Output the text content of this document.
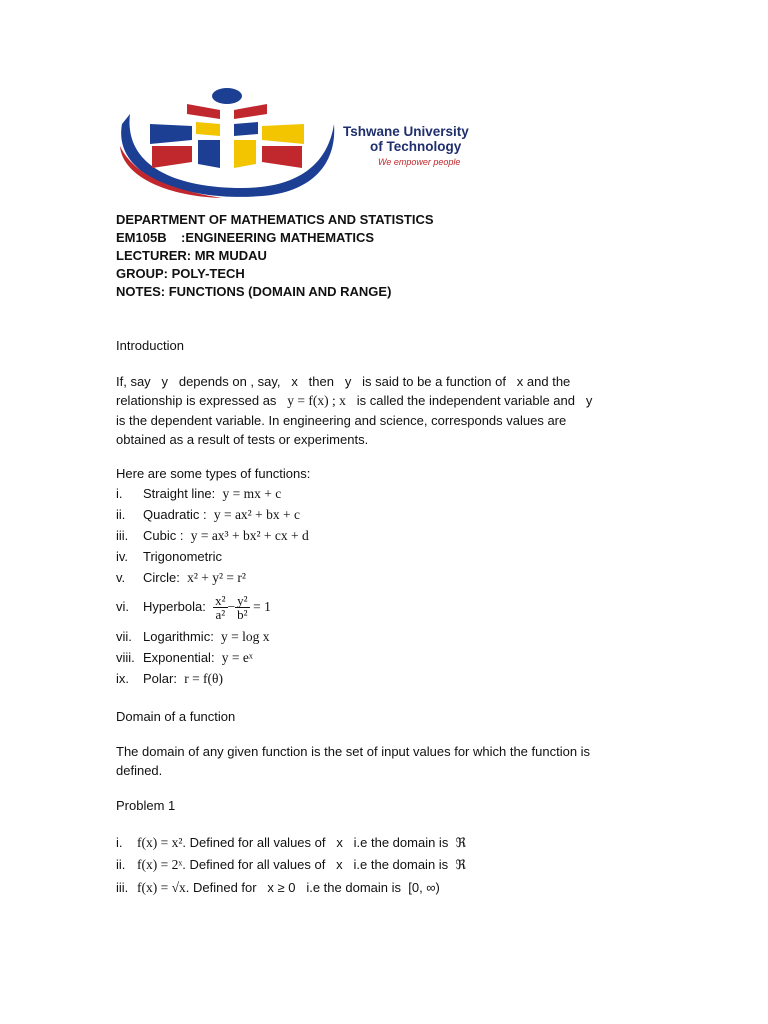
Tshwane University
of Technology
We empower people
DEPARTMENT OF MATHEMATICS AND STATISTICS
EM105B    :ENGINEERING MATHEMATICS
LECTURER: MR MUDAU
GROUP: POLY-TECH
NOTES: FUNCTIONS (DOMAIN AND RANGE)
Introduction
If, say   y   depends on , say,   x   then   y   is said to be a function of   x and the
relationship is expressed as y = f(x) ; x is called the independent variable and   y
is the dependent variable. In engineering and science, corresponds values are
obtained as a result of tests or experiments.
Here are some types of functions:
i. Straight line: y = mx + c
ii. Quadratic : y = ax² + bx + c
iii. Cubic : y = ax³ + bx² + cx + d
iv. Trigonometric
v. Circle: x² + y² = r²
vi. Hyperbola: $\frac{\text{x²}}{\text{a²}} - \frac{\text{y²}}{\text{b²}} = 1$
vii. Logarithmic: y = log x
viii. Exponential: y = eˣ
ix. Polar: r = f(θ)
Domain of a function
The domain of any given function is the set of input values for which the function is
defined.
Problem 1
i. f(x) = x². Defined for all values of   x   i.e the domain is  ℜ
ii. f(x) = 2ˣ. Defined for all values of   x   i.e the domain is  ℜ
iii. f(x) = √x. Defined for   x ≥ 0   i.e the domain is  [0, ∞)
